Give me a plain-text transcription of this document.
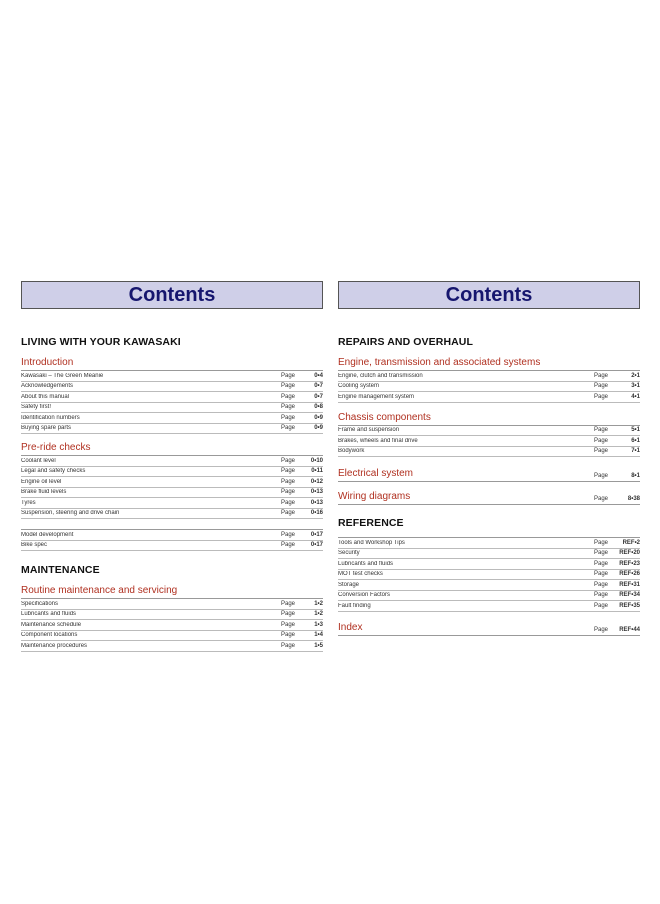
Contents
LIVING WITH YOUR KAWASAKI
Introduction
Kawasaki – The Green Meanie	Page	0•4
Acknowledgements	Page	0•7
About this manual	Page	0•7
Safety first!	Page	0•8
Identification numbers	Page	0•9
Buying spare parts	Page	0•9
Pre-ride checks
Coolant level	Page	0•10
Legal and safety checks	Page	0•11
Engine oil level	Page	0•12
Brake fluid levels	Page	0•13
Tyres	Page	0•13
Suspension, steering and drive chain	Page	0•16
Model development	Page	0•17
Bike spec	Page	0•17
MAINTENANCE
Routine maintenance and servicing
Specifications	Page	1•2
Lubricants and fluids	Page	1•2
Maintenance schedule	Page	1•3
Component locations	Page	1•4
Maintenance procedures	Page	1•5
Contents
REPAIRS AND OVERHAUL
Engine, transmission and associated systems
Engine, clutch and transmission	Page	2•1
Cooling system	Page	3•1
Engine management system	Page	4•1
Chassis components
Frame and suspension	Page	5•1
Brakes, wheels and final drive	Page	6•1
Bodywork	Page	7•1
Electrical system	Page	8•1
Wiring diagrams	Page	8•38
REFERENCE
Tools and Workshop Tips	Page	REF•2
Security	Page	REF•20
Lubricants and fluids	Page	REF•23
MOT test checks	Page	REF•26
Storage	Page	REF•31
Conversion Factors	Page	REF•34
Fault finding	Page	REF•35
Index	Page	REF•44
